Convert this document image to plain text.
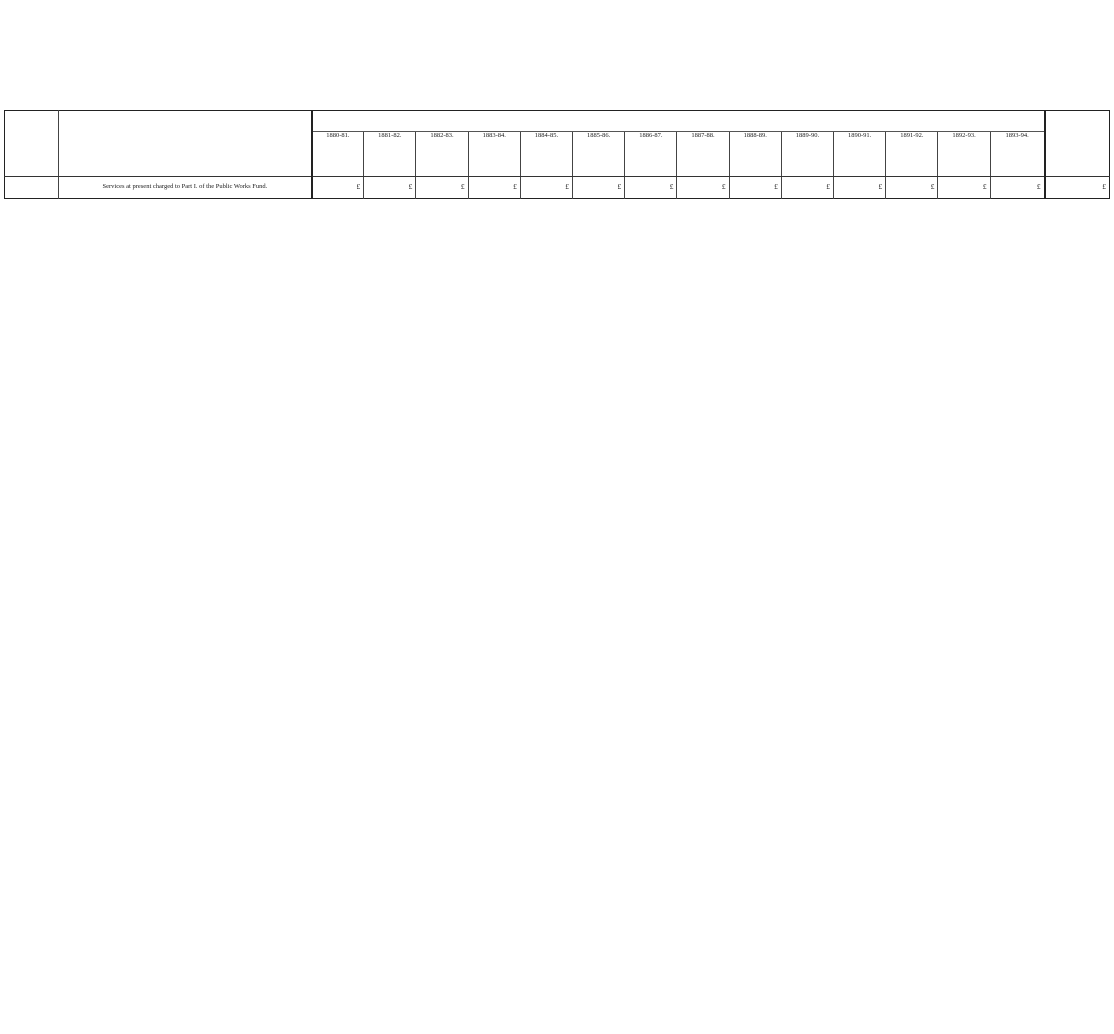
		1880-81.	1881-82.	1882-83.	1883-84.	1884-85.	1885-86.	1886-87.	1887-88.	1888-89.	1889-90.	1890-91.	1891-92.	1892-93.	1893-94.	
	Services at present charged to Part I. of the Public Works Fund.	£	£	£	£	£	£	£	£	£	£	£	£	£	£	£
